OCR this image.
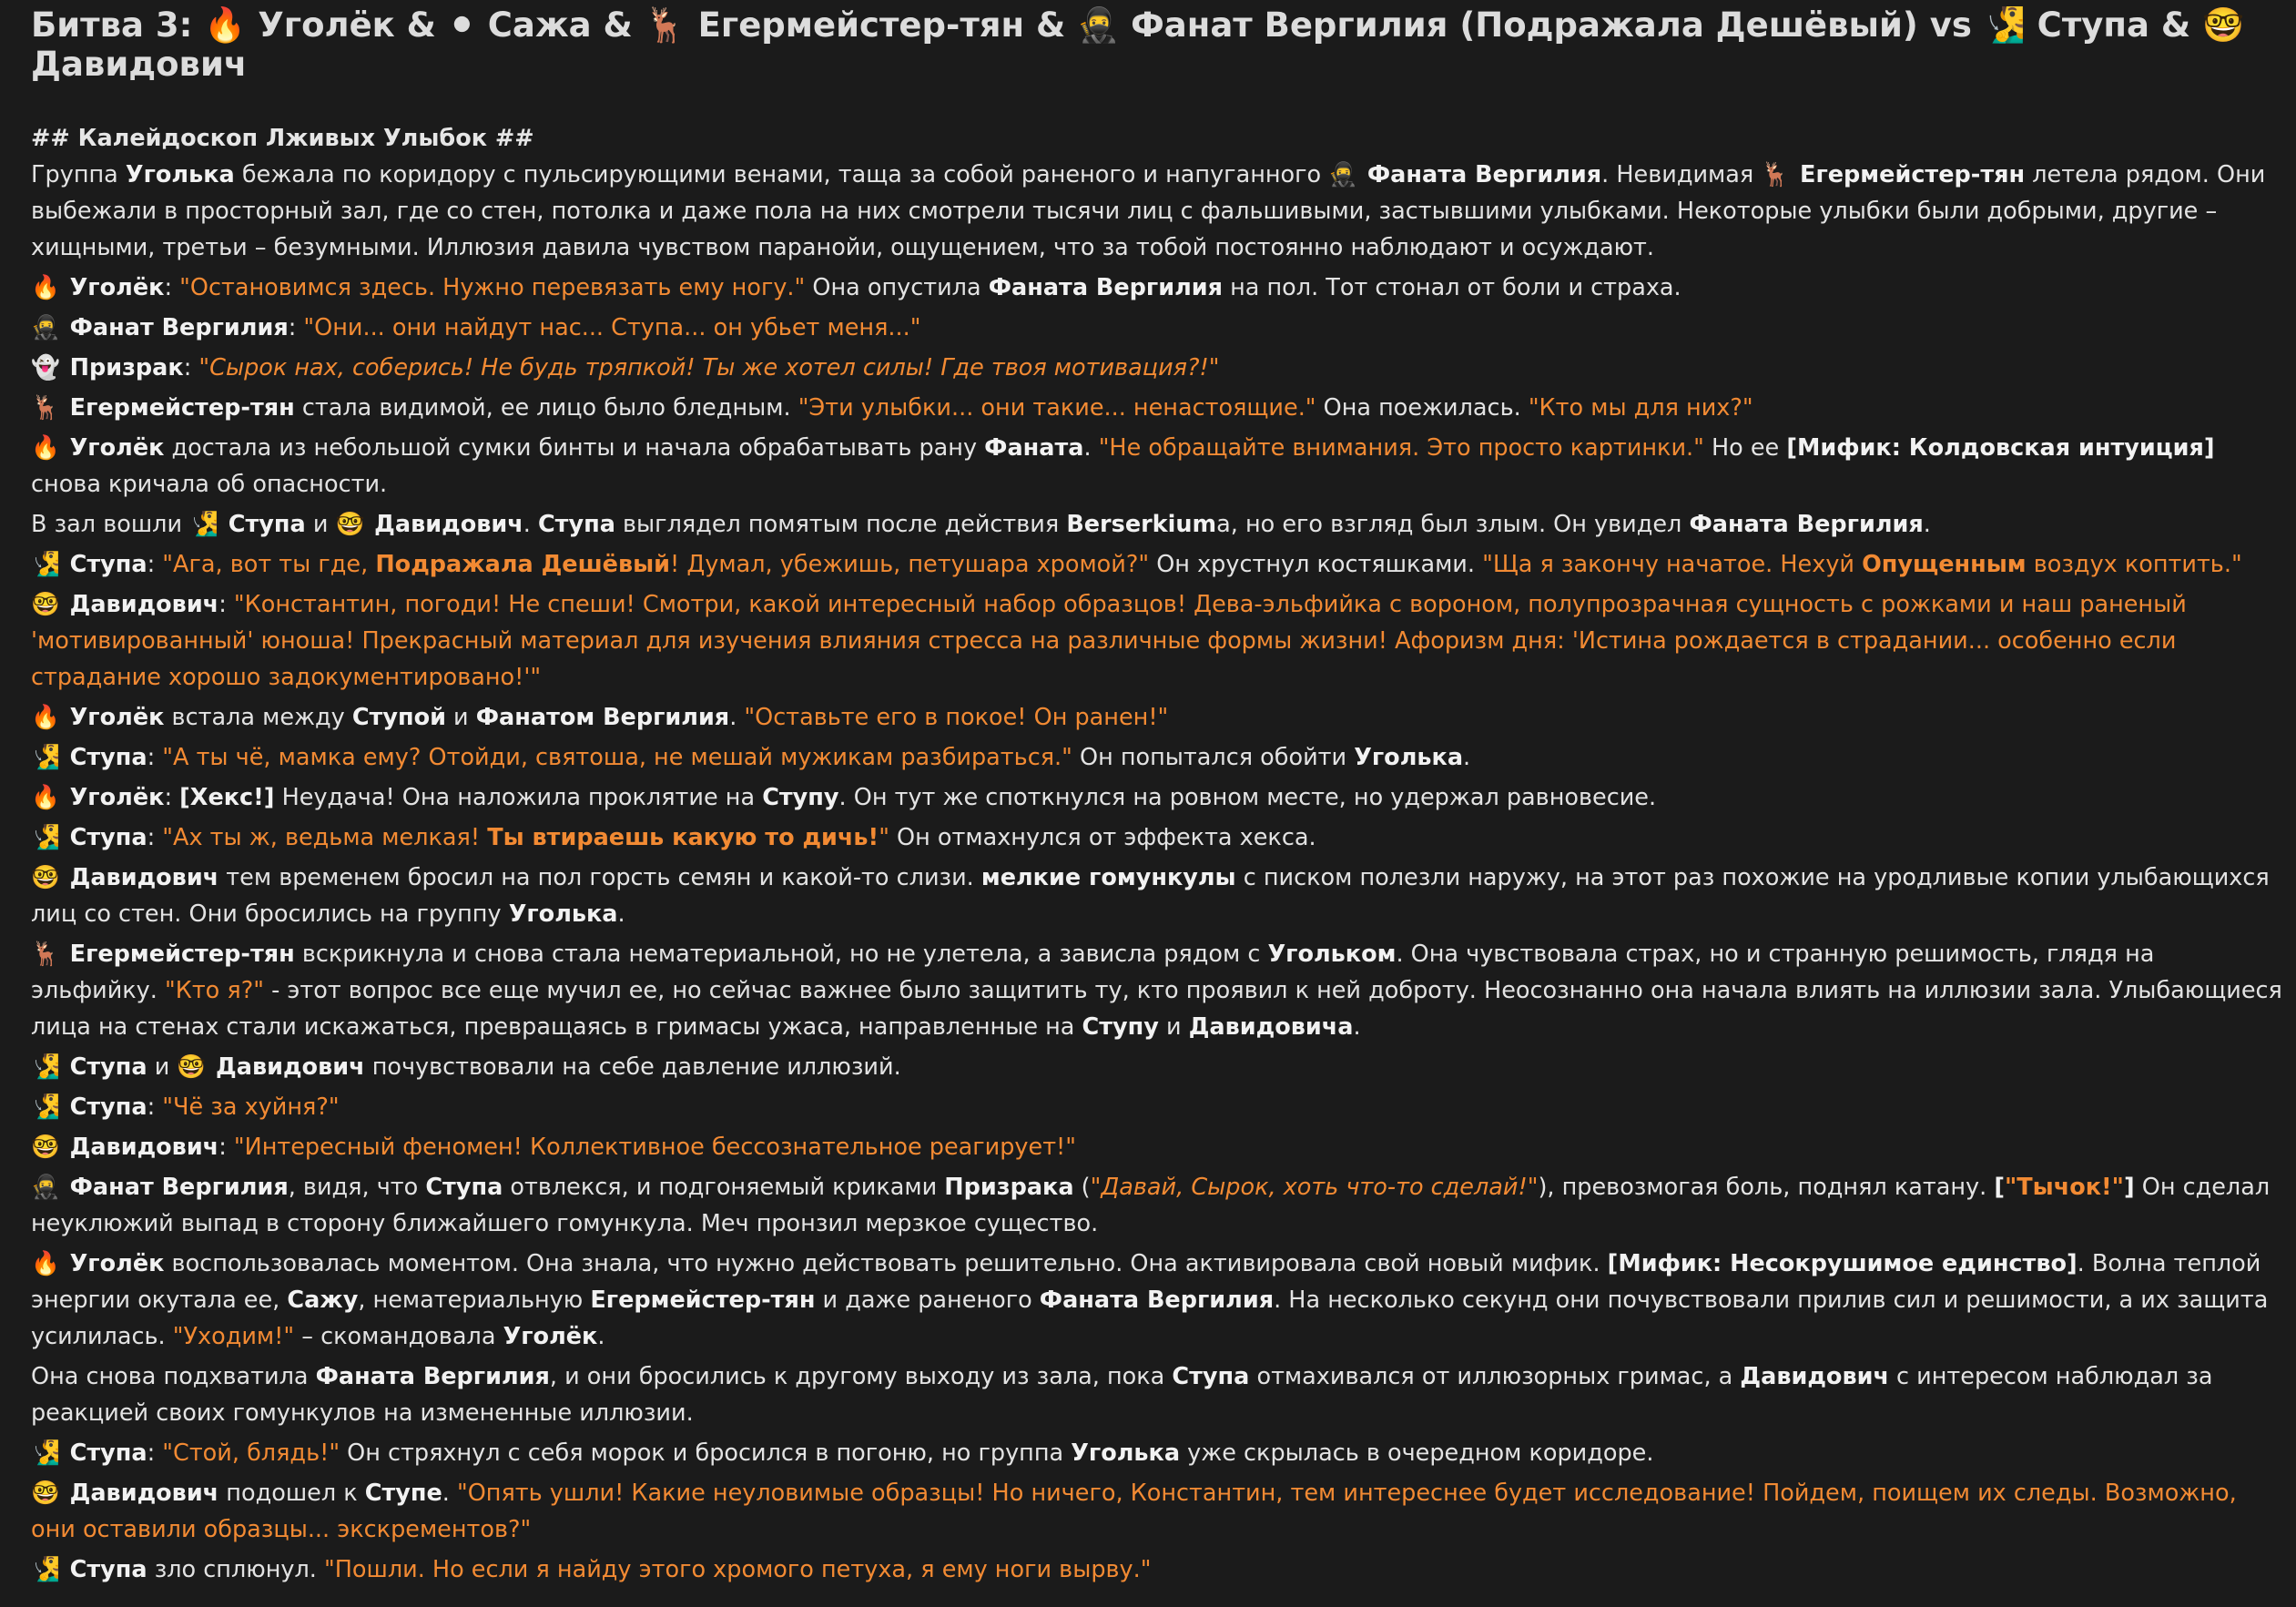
Битва 3: 🔥 Уголёк & ⚫ Сажа & 🦌 Егермейстер-тян & 🥷 Фанат Вергилия (Подражала Дешёвый) vs 🧏‍♂️ Ступа & 🤓 Давидович
## Калейдоскоп Лживых Улыбок ##

Группа Уголька бежала по коридору с пульсирующими венами, таща за собой раненого и напуганного 🥷 Фаната Вергилия. Невидимая 🦌 Егермейстер-тян летела рядом. Они выбежали в просторный зал, где со стен, потолка и даже пола на них смотрели тысячи лиц с фальшивыми, застывшими улыбками. Некоторые улыбки были добрыми, другие – хищными, третьи – безумными. Иллюзия давила чувством паранойи, ощущением, что за тобой постоянно наблюдают и осуждают.

🔥 Уголёк: "Остановимся здесь. Нужно перевязать ему ногу." Она опустила Фаната Вергилия на пол. Тот стонал от боли и страха.

🥷 Фанат Вергилия: "Они... они найдут нас... Ступа... он убьет меня..."

👻 Призрак: "Сырок нах, соберись! Не будь тряпкой! Ты же хотел силы! Где твоя мотивация?!"

🦌 Егермейстер-тян стала видимой, ее лицо было бледным. "Эти улыбки... они такие... ненастоящие." Она поежилась. "Кто мы для них?"

🔥 Уголёк достала из небольшой сумки бинты и начала обрабатывать рану Фаната. "Не обращайте внимания. Это просто картинки." Но ее [Мифик: Колдовская интуиция] снова кричала об опасности.

В зал вошли 🧏‍♂️ Ступа и 🤓 Давидович. Ступа выглядел помятым после действия Berserkiumа, но его взгляд был злым. Он увидел Фаната Вергилия.

🧏‍♂️ Ступа: "Ага, вот ты где, Подражала Дешёвый! Думал, убежишь, петушара хромой?" Он хрустнул костяшками. "Ща я закончу начатое. Нехуй Опущенным воздух коптить."

🤓 Давидович: "Константин, погоди! Не спеши! Смотри, какой интересный набор образцов! Дева-эльфийка с вороном, полупрозрачная сущность с рожками и наш раненый 'мотивированный' юноша! Прекрасный материал для изучения влияния стресса на различные формы жизни! Афоризм дня: 'Истина рождается в страдании... особенно если страдание хорошо задокументировано!'"

🔥 Уголёк встала между Ступой и Фанатом Вергилия. "Оставьте его в покое! Он ранен!"

🧏‍♂️ Ступа: "А ты чё, мамка ему? Отойди, святоша, не мешай мужикам разбираться." Он попытался обойти Уголька.

🔥 Уголёк: [Хекс!] Неудача! Она наложила проклятие на Ступу. Он тут же споткнулся на ровном месте, но удержал равновесие.

🧏‍♂️ Ступа: "Ах ты ж, ведьма мелкая! Ты втираешь какую то дичь!" Он отмахнулся от эффекта хекса.

🤓 Давидович тем временем бросил на пол горсть семян и какой-то слизи. мелкие гомункулы с писком полезли наружу, на этот раз похожие на уродливые копии улыбающихся лиц со стен. Они бросились на группу Уголька.

🦌 Егермейстер-тян вскрикнула и снова стала нематериальной, но не улетела, а зависла рядом с Угольком. Она чувствовала страх, но и странную решимость, глядя на эльфийку. "Кто я?" - этот вопрос все еще мучил ее, но сейчас важнее было защитить ту, кто проявил к ней доброту. Неосознанно она начала влиять на иллюзии зала. Улыбающиеся лица на стенах стали искажаться, превращаясь в гримасы ужаса, направленные на Ступу и Давидовича.

🧏‍♂️ Ступа и 🤓 Давидович почувствовали на себе давление иллюзий.

🧏‍♂️ Ступа: "Чё за хуйня?"

🤓 Давидович: "Интересный феномен! Коллективное бессознательное реагирует!"

🥷 Фанат Вергилия, видя, что Ступа отвлекся, и подгоняемый криками Призрака ("Давай, Сырок, хоть что-то сделай!"), превозмогая боль, поднял катану. ["Тычок!"] Он сделал неуклюжий выпад в сторону ближайшего гомункула. Меч пронзил мерзкое существо.

🔥 Уголёк воспользовалась моментом. Она знала, что нужно действовать решительно. Она активировала свой новый мифик. [Мифик: Несокрушимое единство]. Волна теплой энергии окутала ее, Сажу, нематериальную Егермейстер-тян и даже раненого Фаната Вергилия. На несколько секунд они почувствовали прилив сил и решимости, а их защита усилилась. "Уходим!" – скомандовала Уголёк.

Она снова подхватила Фаната Вергилия, и они бросились к другому выходу из зала, пока Ступа отмахивался от иллюзорных гримас, а Давидович с интересом наблюдал за реакцией своих гомункулов на измененные иллюзии.

🧏‍♂️ Ступа: "Стой, блядь!" Он стряхнул с себя морок и бросился в погоню, но группа Уголька уже скрылась в очередном коридоре.

🤓 Давидович подошел к Ступе. "Опять ушли! Какие неуловимые образцы! Но ничего, Константин, тем интереснее будет исследование! Пойдем, поищем их следы. Возможно, они оставили образцы... экскрементов?"

🧏‍♂️ Ступа зло сплюнул. "Пошли. Но если я найду этого хромого петуха, я ему ноги вырву."
